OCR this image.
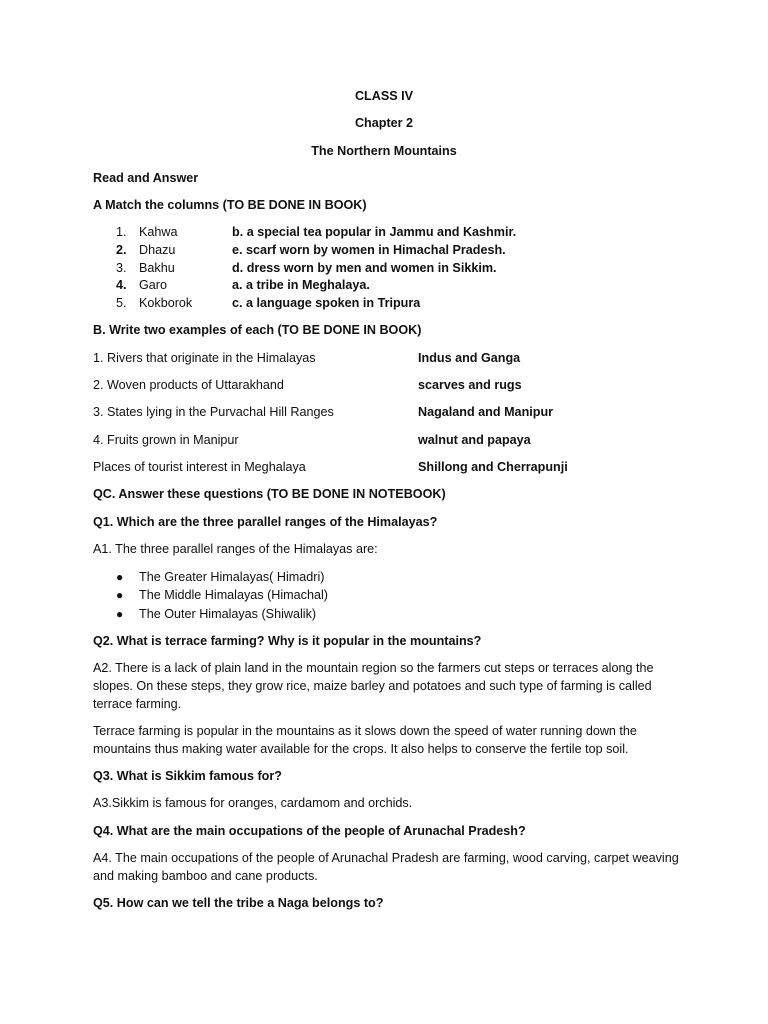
CLASS IV
Chapter 2
The Northern Mountains
Read and Answer
A Match the columns (TO BE DONE IN BOOK)
1. Kahwa	b. a special tea popular in Jammu and Kashmir.
2. Dhazu	e. scarf worn by women in Himachal Pradesh.
3. Bakhu	d. dress worn by men and women in Sikkim.
4. Garo	a. a tribe in Meghalaya.
5. Kokborok	c. a language spoken in Tripura
B. Write two examples of each (TO BE DONE IN BOOK)
1. Rivers that originate in the Himalayas	Indus and Ganga
2. Woven products of Uttarakhand	scarves and rugs
3. States lying in the Purvachal Hill Ranges	Nagaland and Manipur
4. Fruits grown in Manipur	walnut and papaya
Places of tourist interest in Meghalaya	Shillong and Cherrapunji
QC. Answer these questions (TO BE DONE IN NOTEBOOK)
Q1. Which are the three parallel ranges of the Himalayas?
A1. The three parallel ranges of the Himalayas are:
● The Greater Himalayas( Himadri)
● The Middle Himalayas (Himachal)
● The Outer Himalayas (Shiwalik)
Q2. What is terrace farming? Why is it popular in the mountains?
A2. There is a lack of plain land in the mountain region so the farmers cut steps or terraces along the slopes. On these steps, they grow rice, maize barley and potatoes and such type of farming is called terrace farming.
Terrace farming is popular in the mountains as it slows down the speed of water running down the mountains thus making water available for the crops. It also helps to conserve the fertile top soil.
Q3. What is Sikkim famous for?
A3.Sikkim is famous for oranges, cardamom and orchids.
Q4. What are the main occupations of the people of Arunachal Pradesh?
A4. The main occupations of the people of Arunachal Pradesh are farming, wood carving, carpet weaving and making bamboo and cane products.
Q5. How can we tell the tribe a Naga belongs to?
